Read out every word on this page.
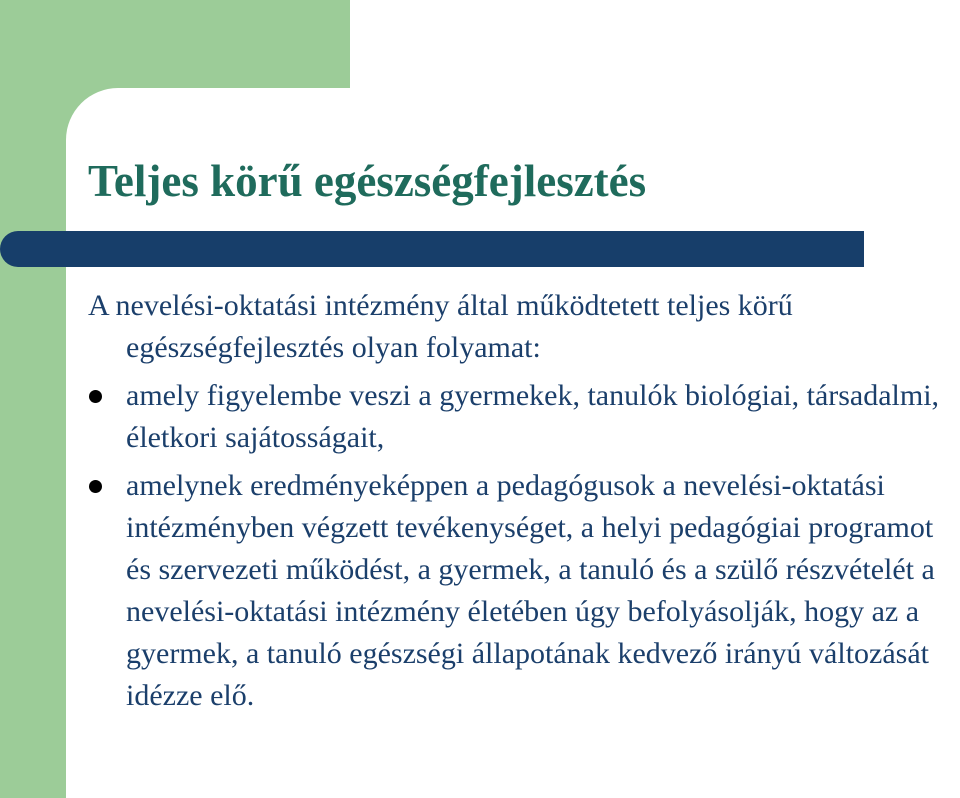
Teljes körű egészségfejlesztés
A nevelési-oktatási intézmény által működtetett teljes körű egészségfejlesztés olyan folyamat:
amely figyelembe veszi a gyermekek, tanulók biológiai, társadalmi, életkori sajátosságait,
amelynek eredményeképpen a pedagógusok a nevelési-oktatási intézményben végzett tevékenységet, a helyi pedagógiai programot és szervezeti működést, a gyermek, a tanuló és a szülő részvételét a nevelési-oktatási intézmény életében úgy befolyásolják, hogy az a gyermek, a tanuló egészségi állapotának kedvező irányú változását idézze elő.
